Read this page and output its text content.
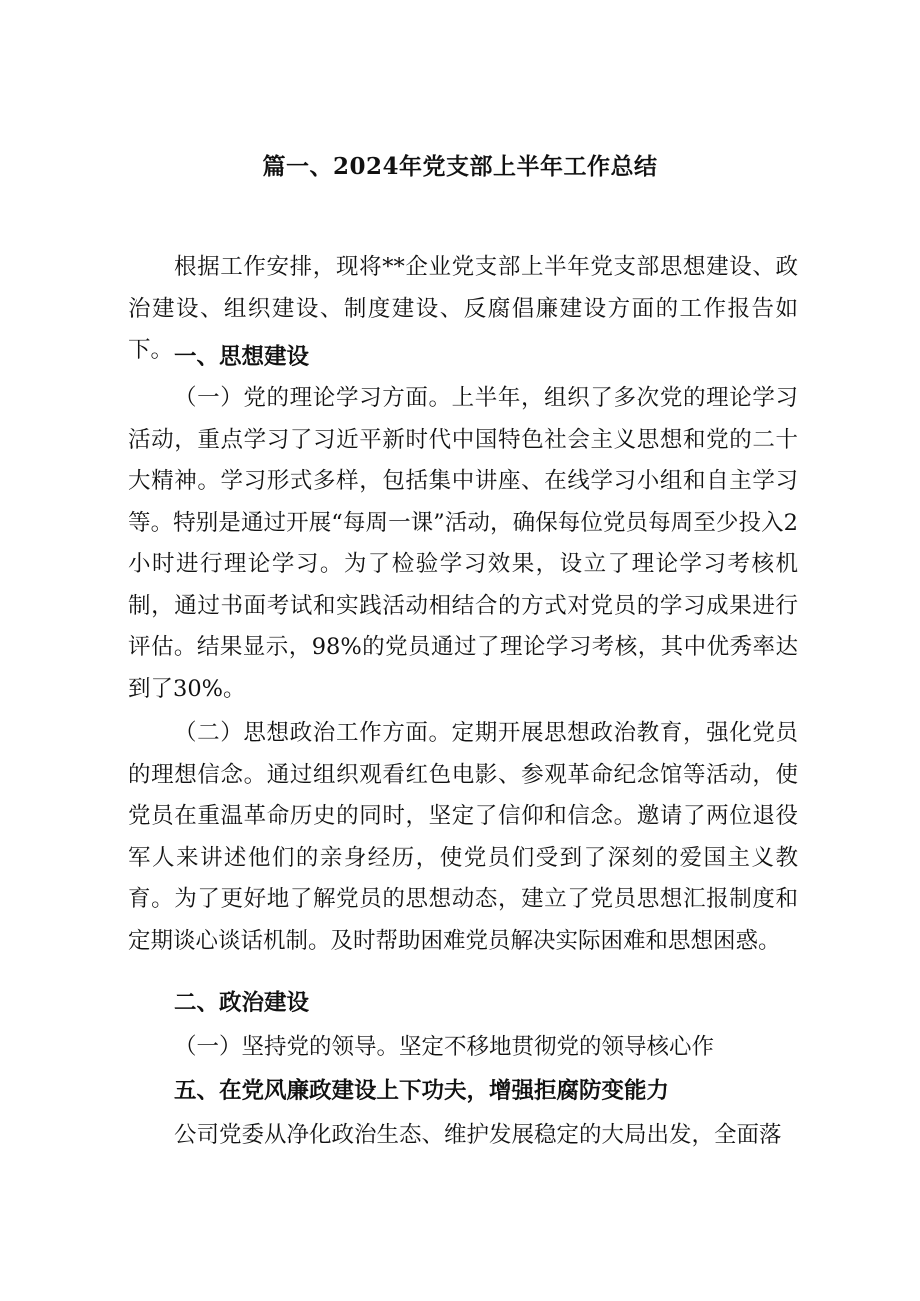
篇一、2024年党支部上半年工作总结

根据工作安排，现将**企业党支部上半年党支部思想建设、政治建设、组织建设、制度建设、反腐倡廉建设方面的工作报告如下。 一、思想建设

（一）党的理论学习方面。上半年，组织了多次党的理论学习活动，重点学习了习近平新时代中国特色社会主义思想和党的二十大精神。学习形式多样，包括集中讲座、在线学习小组和自主学习等。特别是通过开展“每周一课”活动，确保每位党员每周至少投入2小时进行理论学习。为了检验学习效果，设立了理论学习考核机制，通过书面考试和实践活动相结合的方式对党员的学习成果进行评估。结果显示，98%的党员通过了理论学习考核，其中优秀率达到了30%。

（二）思想政治工作方面。定期开展思想政治教育，强化党员的理想信念。通过组织观看红色电影、参观革命纪念馆等活动，使党员在重温革命历史的同时，坚定了信仰和信念。邀请了两位退役军人来讲述他们的亲身经历，使党员们受到了深刻的爱国主义教育。为了更好地了解党员的思想动态，建立了党员思想汇报制度和定期谈心谈话机制。及时帮助困难党员解决实际困难和思想困惑。

二、政治建设

（一）坚持党的领导。坚定不移地贯彻党的领导核心作

五、在党风廉政建设上下功夫，增强拒腐防变能力

公司党委从净化政治生态、维护发展稳定的大局出发，全面落
